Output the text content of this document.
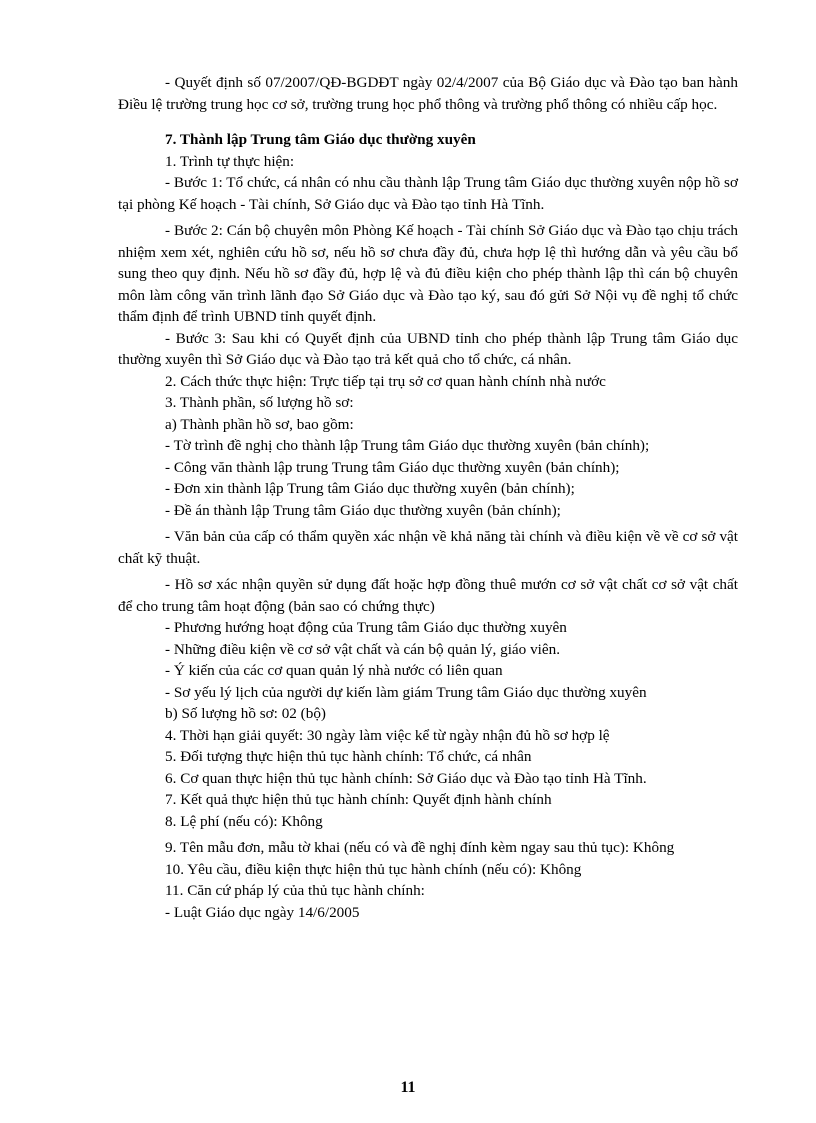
- Quyết định số 07/2007/QĐ-BGDĐT ngày 02/4/2007 của Bộ Giáo dục và Đào tạo ban hành Điều lệ trường trung học cơ sở, trường trung học phổ thông và trường phổ thông có nhiều cấp học.

7. Thành lập Trung tâm Giáo dục thường xuyên

1. Trình tự thực hiện:

- Bước 1: Tổ chức, cá nhân có nhu cầu thành lập Trung tâm Giáo dục thường xuyên nộp hồ sơ tại phòng Kế hoạch - Tài chính, Sở Giáo dục và Đào tạo tỉnh Hà Tĩnh.

- Bước 2: Cán bộ chuyên môn Phòng Kế hoạch - Tài chính Sở Giáo dục và Đào tạo chịu trách nhiệm xem xét, nghiên cứu hồ sơ, nếu hồ sơ chưa đầy đủ, chưa hợp lệ thì hướng dẫn và yêu cầu bổ sung theo quy định. Nếu hồ sơ đầy đủ, hợp lệ và đủ điều kiện cho phép thành lập thì cán bộ chuyên môn làm công văn trình lãnh đạo Sở Giáo dục và Đào tạo ký, sau đó gửi Sở Nội vụ đề nghị tổ chức thẩm định để trình UBND tỉnh quyết định.

- Bước 3: Sau khi có Quyết định của UBND tỉnh cho phép thành lập Trung tâm Giáo dục thường xuyên thì Sở Giáo dục và Đào tạo trả kết quả cho tổ chức, cá nhân.

2. Cách thức thực hiện: Trực tiếp tại trụ sở cơ quan hành chính nhà nước

3. Thành phần, số lượng hồ sơ:

a) Thành phần hồ sơ, bao gồm:

- Tờ trình đề nghị cho thành lập Trung tâm Giáo dục thường xuyên (bản chính);

- Công văn thành lập trung Trung tâm Giáo dục thường xuyên (bản chính);

- Đơn xin thành lập Trung tâm Giáo dục thường xuyên (bản chính);

- Đề án thành lập Trung tâm Giáo dục thường xuyên (bản chính);

- Văn bản của cấp có thẩm quyền xác nhận về khả năng tài chính và điều kiện về về cơ sở vật chất kỹ thuật.

- Hồ sơ xác nhận quyền sử dụng đất hoặc hợp đồng thuê mướn cơ sở vật chất cơ sở vật chất để cho trung tâm hoạt động (bản sao có chứng thực)

- Phương hướng hoạt động của Trung tâm Giáo dục thường xuyên

- Những điều kiện về cơ sở vật chất và cán bộ quản lý, giáo viên.

- Ý kiến của các cơ quan quản lý nhà nước có liên quan

- Sơ yếu lý lịch của người dự kiến làm giám Trung tâm Giáo dục thường xuyên

b) Số lượng hồ sơ: 02 (bộ)

4. Thời hạn giải quyết: 30 ngày làm việc kể từ ngày nhận đủ hồ sơ hợp lệ

5. Đối tượng thực hiện thủ tục hành chính: Tổ chức, cá nhân

6. Cơ quan thực hiện thủ tục hành chính: Sở Giáo dục và Đào tạo tỉnh Hà Tĩnh.

7. Kết quả thực hiện thủ tục hành chính: Quyết định hành chính

8. Lệ phí (nếu có): Không

9. Tên mẫu đơn, mẫu tờ khai (nếu có và đề nghị đính kèm ngay sau thủ tục): Không

10. Yêu cầu, điều kiện thực hiện thủ tục hành chính (nếu có): Không

11. Căn cứ pháp lý của thủ tục hành chính:

- Luật Giáo dục ngày 14/6/2005

11
